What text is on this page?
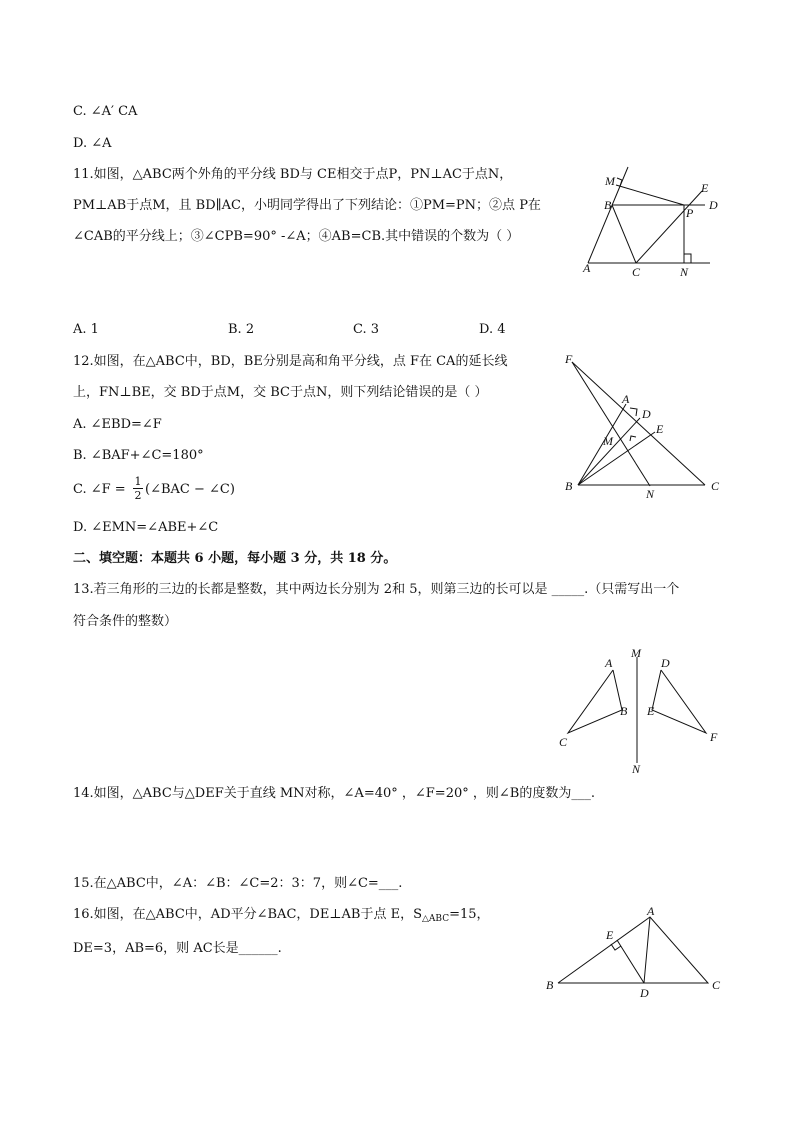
C. ∠A′ CA
D. ∠A
11.如图，△ABC两个外角的平分线 BD与 CE相交于点P，PN⊥AC于点N，
PM⊥AB于点M，且 BD∥AC，小明同学得出了下列结论：①PM=PN；②点 P在
∠CAB的平分线上；③∠CPB=90° -∠A；④AB=CB.其中错误的个数为（ ）
A. 1	B. 2	C. 3	D. 4
M	E
B
P
D
A	C	N
12.如图，在△ABC中，BD，BE分别是高和角平分线，点 F在 CA的延长线
上，FN⊥BE，交 BD于点M，交 BC于点N，则下列结论错误的是（ ）
A. ∠EBD=∠F
B. ∠BAF+∠C=180°
C. ∠F = $\frac{1}{2}$ (∠BAC − ∠C)
D. ∠EMN=∠ABE+∠C
F
A
D
E
M
B
N
C
二、填空题：本题共 6 小题，每小题 3 分，共 18 分。
13.若三角形的三边的长都是整数，其中两边长分别为 2和 5，则第三边的长可以是 _____.（只需写出一个
符合条件的整数）
A
M
D
B E
C	F
N
14.如图，△ABC与△DEF关于直线 MN对称，∠A=40° ，∠F=20° ，则∠B的度数为___.
15.在△ABC中，∠A：∠B：∠C=2：3：7，则∠C=___.
16.如图，在△ABC中，AD平分∠BAC，DE⊥AB于点 E，$S_{\triangle ABC}=15$，
DE=3，AB=6，则 AC长是______.
A
E
B
D
C
